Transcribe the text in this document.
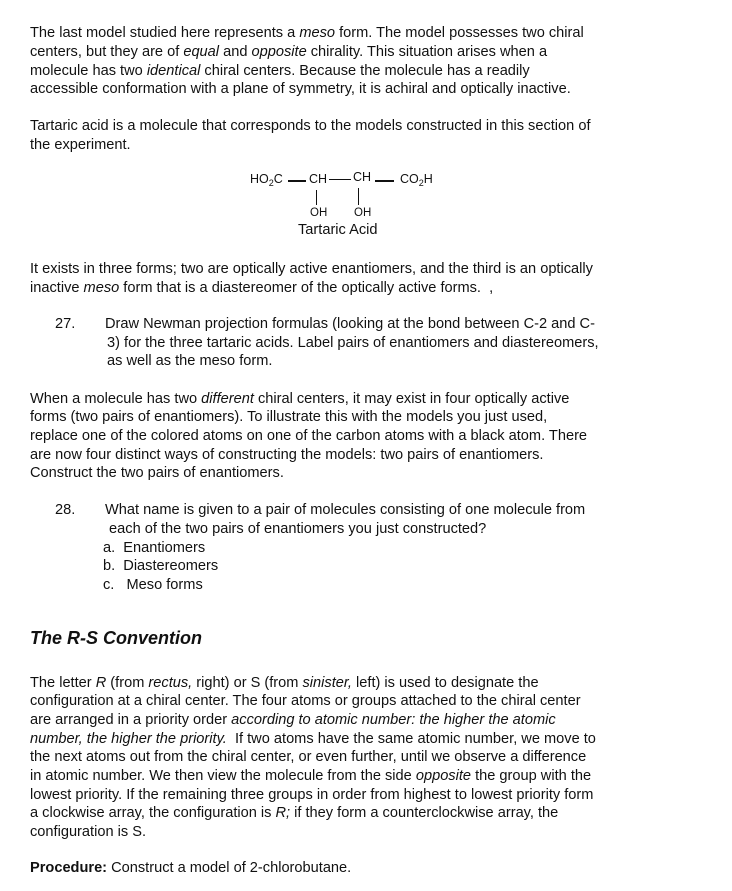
The R-S Convention
$HO_2C$ CH CH $CO_2H$
OH OH
Tartaric Acid
The last model studied here represents a meso form. The model possesses two chiral
centers, but they are of equal and opposite chirality. This situation arises when a
molecule has two identical chiral centers. Because the molecule has a readily
accessible conformation with a plane of symmetry, it is achiral and optically inactive.
Tartaric acid is a molecule that corresponds to the models constructed in this section of
the experiment.
It exists in three forms; two are optically active enantiomers, and the third is an optically
inactive meso form that is a diastereomer of the optically active forms.  ,
27. Draw Newman projection formulas (looking at the bond between C-2 and C-
3) for the three tartaric acids. Label pairs of enantiomers and diastereomers,
as well as the meso form.
When a molecule has two different chiral centers, it may exist in four optically active
forms (two pairs of enantiomers). To illustrate this with the models you just used,
replace one of the colored atoms on one of the carbon atoms with a black atom. There
are now four distinct ways of constructing the models: two pairs of enantiomers.
Construct the two pairs of enantiomers.
28. What name is given to a pair of molecules consisting of one molecule from
each of the two pairs of enantiomers you just constructed?
a.  Enantiomers
b.  Diastereomers
c.   Meso forms
The letter R (from rectus, right) or S (from sinister, left) is used to designate the
configuration at a chiral center. The four atoms or groups attached to the chiral center
are arranged in a priority order according to atomic number: the higher the atomic
number, the higher the priority.  If two atoms have the same atomic number, we move to
the next atoms out from the chiral center, or even further, until we observe a difference
in atomic number. We then view the molecule from the side opposite the group with the
lowest priority. If the remaining three groups in order from highest to lowest priority form
a clockwise array, the configuration is R; if they form a counterclockwise array, the
configuration is S.
Procedure: Construct a model of 2-chlorobutane.
